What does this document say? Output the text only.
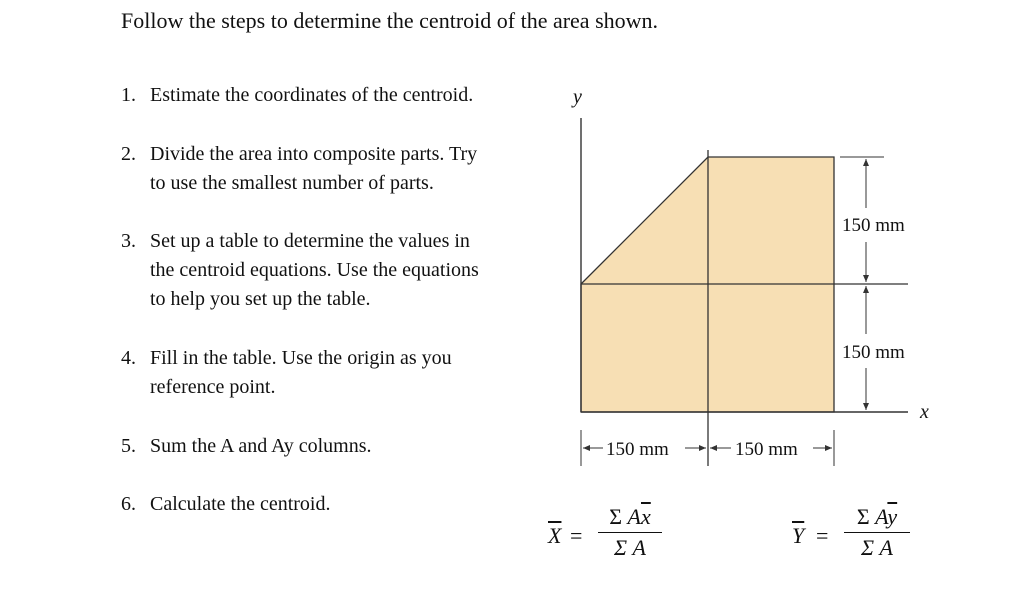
Follow the steps to determine the centroid of the area shown.
1. Estimate the coordinates of the centroid.
2. Divide the area into composite parts. Try
to use the smallest number of parts.
3. Set up a table to determine the values in
the centroid equations. Use the equations
to help you set up the table.
4. Fill in the table. Use the origin as you
reference point.
5. Sum the A and Ay columns.
6. Calculate the centroid.
y
x
150 mm
150 mm
150 mm	150 mm
$\overline{X}$ =
Σ $A\overline{x}$
Σ A	$\overline{Y}$ =
Σ $A\overline{y}$
Σ A
